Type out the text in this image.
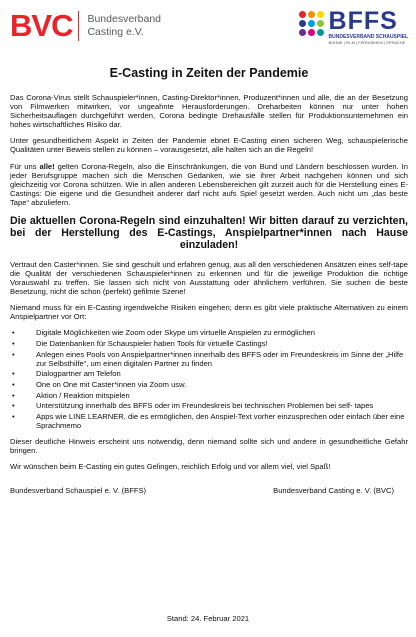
BVC Bundesverband
Casting e.V.	BFFS
BUNDESVERBAND SCHAUSPIEL
BÜHNE | FILM | FERNSEHEN | SPRACHE
E-Casting in Zeiten der Pandemie

Das Corona-Virus stellt Schauspieler*innen, Casting-Direktor*innen, Produzent*innen und alle, die an der Besetzung von Filmwerken mitwirken, vor ungeahnte Herausforderungen. Dreharbeiten können nur unter hohen Sicherheitsauflagen durchgeführt werden, Corona bedingte Drehausfälle stellen für Produktionsunternehmen ein hohes wirtschaftliches Risiko dar.

Unter gesundheitlichem Aspekt in Zeiten der Pandemie ebnet E-Casting einen sicheren Weg, schauspielerische Qualitäten unter Beweis stellen zu können – vorausgesetzt, alle halten sich an die Regeln!

Für uns alle! gelten Corona-Regeln, also die Einschränkungen, die von Bund und Ländern beschlossen wurden. In jeder Berufsgruppe machen sich die Menschen Gedanken, wie sie ihrer Arbeit nachgehen können und sich gleichzeitig vor Corona schützen. Wie in allen anderen Lebensbereichen gilt zurzeit auch für die Herstellung eines E-Castings: Die eigene und die Gesundheit anderer darf nicht aufs Spiel gesetzt werden. Auch nicht um „das beste Tape“ abzuliefern.

Die aktuellen Corona-Regeln sind einzuhalten! Wir bitten darauf zu verzichten, bei der Herstellung des E-Castings, Anspielpartner*innen nach Hause einzuladen!

Vertraut den Caster*innen. Sie sind geschult und erfahren genug, aus all den verschiedenen Ansätzen eines self-tape die Qualität der verschiedenen Schauspieler*innen zu erkennen und für die jeweilige Produktion die richtige Vorauswahl zu treffen. Sie lassen sich nicht von Ausstattung oder ähnlichem verführen. Sie suchen die beste Besetzung, nicht die schon (perfekt) gefilmte Szene!

Niemand muss für ein E-Casting irgendwelche Risiken eingehen; denn es gibt viele praktische Alternativen zu einem Anspielpartner vor Ort:

• Digitale Möglichkeiten wie Zoom oder Skype um virtuelle Anspielen zu ermöglichen
• Die Datenbanken für Schauspieler haben Tools für virtuelle Castings!
• Anlegen eines Pools von Anspielpartner*innen innerhalb des BFFS oder im Freundeskreis im Sinne der „Hilfe zur Selbsthilfe“, um einen digitalen Partner zu finden
• Dialogpartner am Telefon
• One on One mit Caster*innen via Zoom usw.
• Aktion / Reaktion mitspielen
• Unterstützung innerhalb des BFFS oder im Freundeskreis bei technischen Problemen bei self- tapes
• Apps wie LINE LEARNER, die es ermöglichen, den Anspiel-Text vorher einzusprechen oder einfach über eine Sprachmemo

Dieser deutliche Hinweis erscheint uns notwendig, denn niemand sollte sich und andere in gesundheitliche Gefahr bringen.

Wir wünschen beim E-Casting ein gutes Gelingen, reichlich Erfolg und vor allem viel, viel Spaß!

Bundesverband Schauspiel e. V. (BFFS)	Bundesverband Casting e. V. (BVC)
Stand: 24. Februar 2021
